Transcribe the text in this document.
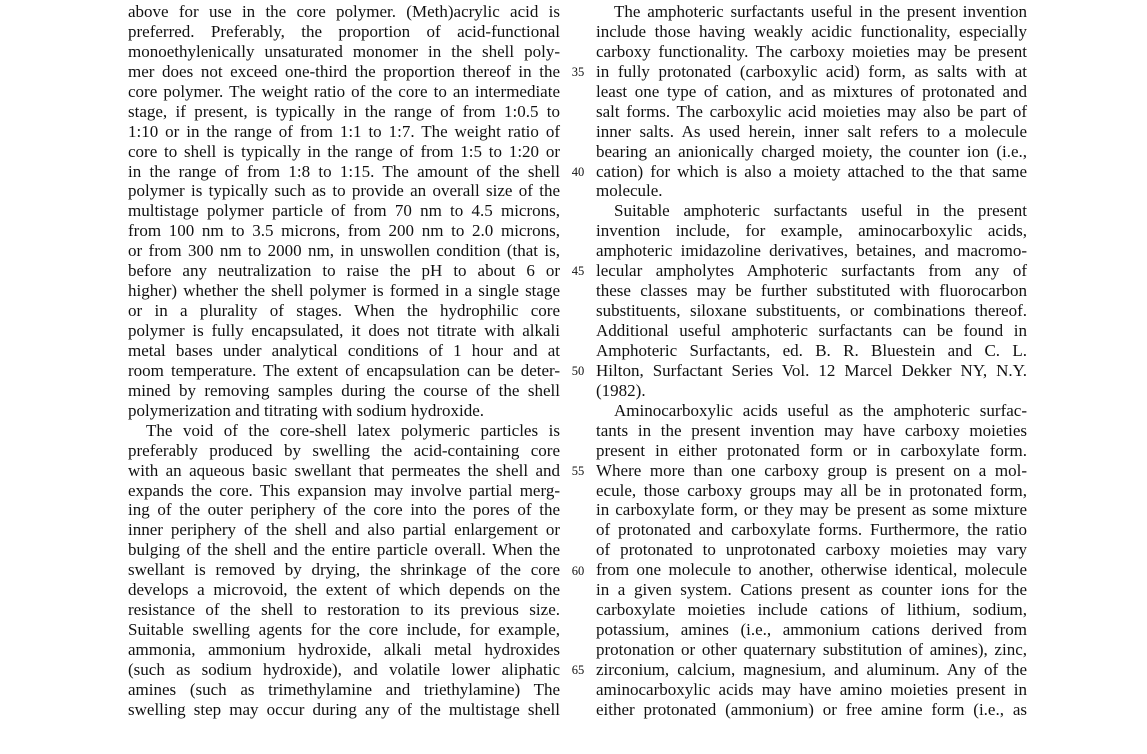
above for use in the core polymer. (Meth)acrylic acid is
preferred. Preferably, the proportion of acid-functional
monoethylenically unsaturated monomer in the shell poly-
mer does not exceed one-third the proportion thereof in the
core polymer. The weight ratio of the core to an intermediate
stage, if present, is typically in the range of from 1:0.5 to
1:10 or in the range of from 1:1 to 1:7. The weight ratio of
core to shell is typically in the range of from 1:5 to 1:20 or
in the range of from 1:8 to 1:15. The amount of the shell
polymer is typically such as to provide an overall size of the
multistage polymer particle of from 70 nm to 4.5 microns,
from 100 nm to 3.5 microns, from 200 nm to 2.0 microns,
or from 300 nm to 2000 nm, in unswollen condition (that is,
before any neutralization to raise the pH to about 6 or
higher) whether the shell polymer is formed in a single stage
or in a plurality of stages. When the hydrophilic core
polymer is fully encapsulated, it does not titrate with alkali
metal bases under analytical conditions of 1 hour and at
room temperature. The extent of encapsulation can be deter-
mined by removing samples during the course of the shell
polymerization and titrating with sodium hydroxide.
The void of the core-shell latex polymeric particles is
preferably produced by swelling the acid-containing core
with an aqueous basic swellant that permeates the shell and
expands the core. This expansion may involve partial merg-
ing of the outer periphery of the core into the pores of the
inner periphery of the shell and also partial enlargement or
bulging of the shell and the entire particle overall. When the
swellant is removed by drying, the shrinkage of the core
develops a microvoid, the extent of which depends on the
resistance of the shell to restoration to its previous size.
Suitable swelling agents for the core include, for example,
ammonia, ammonium hydroxide, alkali metal hydroxides
(such as sodium hydroxide), and volatile lower aliphatic
amines (such as trimethylamine and triethylamine) The
swelling step may occur during any of the multistage shell
35
40
45
50
55
60
65
The amphoteric surfactants useful in the present invention
include those having weakly acidic functionality, especially
carboxy functionality. The carboxy moieties may be present
in fully protonated (carboxylic acid) form, as salts with at
least one type of cation, and as mixtures of protonated and
salt forms. The carboxylic acid moieties may also be part of
inner salts. As used herein, inner salt refers to a molecule
bearing an anionically charged moiety, the counter ion (i.e.,
cation) for which is also a moiety attached to the that same
molecule.
Suitable amphoteric surfactants useful in the present
invention include, for example, aminocarboxylic acids,
amphoteric imidazoline derivatives, betaines, and macromo-
lecular ampholytes Amphoteric surfactants from any of
these classes may be further substituted with fluorocarbon
substituents, siloxane substituents, or combinations thereof.
Additional useful amphoteric surfactants can be found in
Amphoteric Surfactants, ed. B. R. Bluestein and C. L.
Hilton, Surfactant Series Vol. 12 Marcel Dekker NY, N.Y.
(1982).
Aminocarboxylic acids useful as the amphoteric surfac-
tants in the present invention may have carboxy moieties
present in either protonated form or in carboxylate form.
Where more than one carboxy group is present on a mol-
ecule, those carboxy groups may all be in protonated form,
in carboxylate form, or they may be present as some mixture
of protonated and carboxylate forms. Furthermore, the ratio
of protonated to unprotonated carboxy moieties may vary
from one molecule to another, otherwise identical, molecule
in a given system. Cations present as counter ions for the
carboxylate moieties include cations of lithium, sodium,
potassium, amines (i.e., ammonium cations derived from
protonation or other quaternary substitution of amines), zinc,
zirconium, calcium, magnesium, and aluminum. Any of the
aminocarboxylic acids may have amino moieties present in
either protonated (ammonium) or free amine form (i.e., as
